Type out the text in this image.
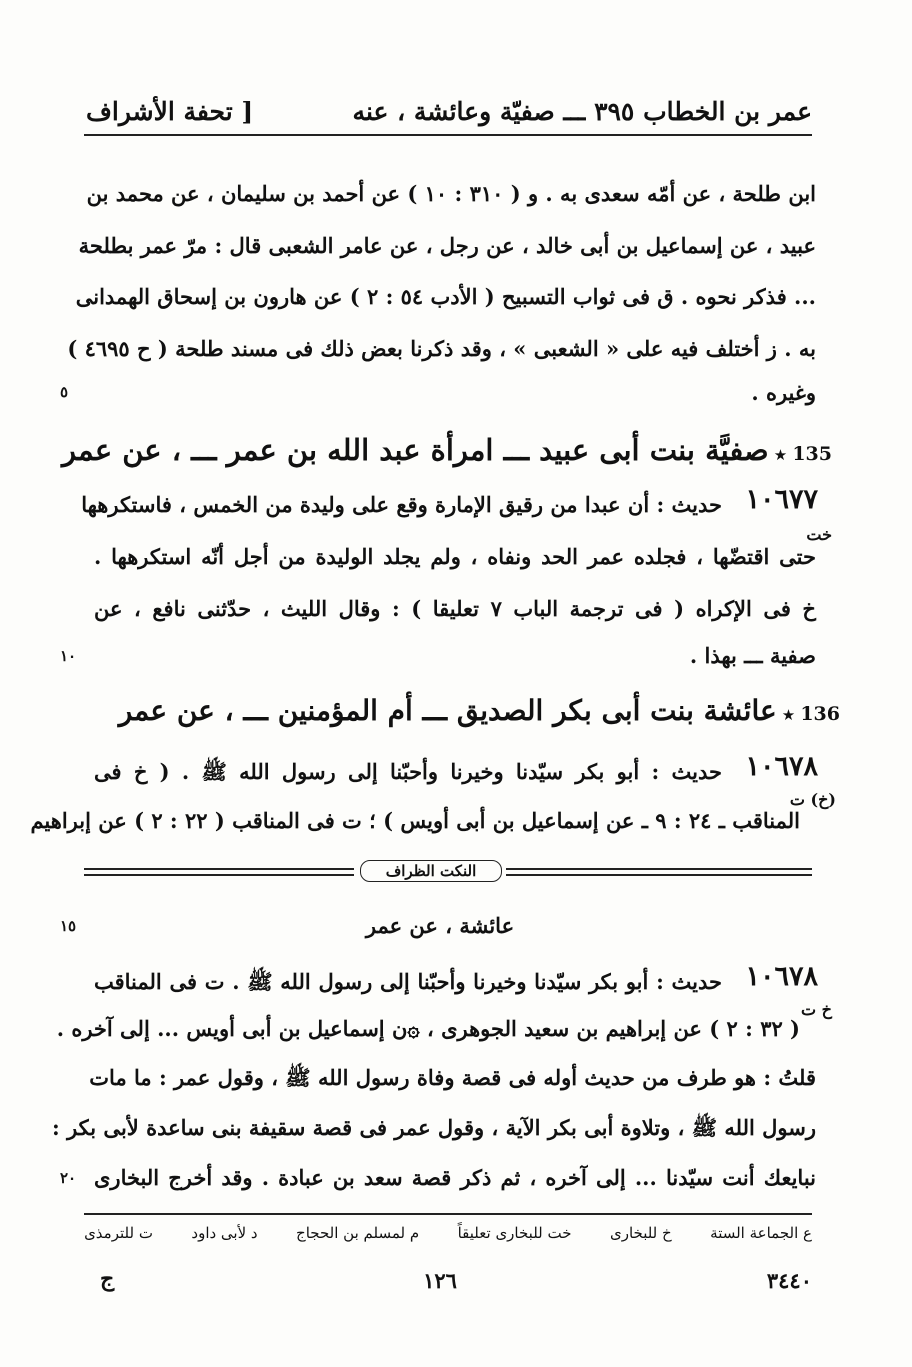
عمر بن الخطاب ٣٩٥ ـــ صفيّة وعائشة ، عنه
[ تحفة الأشراف
ابن طلحة ، عن أمّه سعدى به . و ( ٣١٠ : ١٠ ) عن أحمد بن سليمان ، عن محمد بن
عبيد ، عن إسماعيل بن أبى خالد ، عن رجل ، عن عامر الشعبى قال : مرّ عمر بطلحة
... فذكر نحوه . ق فى ثواب التسبيح ( الأدب ٥٤ : ٢ ) عن هارون بن إسحاق الهمدانى
به . ز أختلف فيه على « الشعبى » ، وقد ذكرنا بعض ذلك فى مسند طلحة ( ح ٤٦٩٥ )
وغيره .
٥
135 ★ صفيَّة بنت أبى عبيد ـــ امرأة عبد الله بن عمر ـــ ، عن عمر
١٠٦٧٧
خت
حديث : أن عبدا من رقيق الإمارة وقع على وليدة من الخمس ، فاستكرهها
حتى اقتضّها ، فجلده عمر الحد ونفاه ، ولم يجلد الوليدة من أجل أنّه استكرهها .
خ فى الإكراه ( فى ترجمة الباب ٧ تعليقا ) : وقال الليث ، حدّثنى نافع ، عن
صفية ـــ بهذا .
١٠
136 ★ عائشة بنت أبى بكر الصديق ـــ أم المؤمنين ـــ ، عن عمر
١٠٦٧٨
(خ) ت
حديث : أبو بكر سيّدنا وخيرنا وأحبّنا إلى رسول الله ﷺ . ( خ فى
المناقب ـ ٢٤ : ٩ ـ عن إسماعيل بن أبى أويس ) ؛ ت فى المناقب ( ٢٢ : ٢ ) عن إبراهيم
النكت الظراف
عائشة ، عن عمر
١٥
١٠٦٧٨
خ ت
حديث : أبو بكر سيّدنا وخيرنا وأحبّنا إلى رسول الله ﷺ . ت فى المناقب
( ٣٢ : ٢ ) عن إبراهيم بن سعيد الجوهرى ، ۞ن إسماعيل بن أبى أويس ... إلى آخره .
قلتُ : هو طرف من حديث أوله فى قصة وفاة رسول الله ﷺ ، وقول عمر : ما مات
رسول الله ﷺ ، وتلاوة أبى بكر الآية ، وقول عمر فى قصة سقيفة بنى ساعدة لأبى بكر :
نبايعك أنت سيّدنا ... إلى آخره ، ثم ذكر قصة سعد بن عبادة . وقد أخرج البخارى
٢٠
ع الجماعة الستة
خ للبخارى
خت للبخارى تعليقاً
م لمسلم بن الحجاج
د لأبى داود
ت للترمذى
٣٤٤٠
١٢٦
ج
